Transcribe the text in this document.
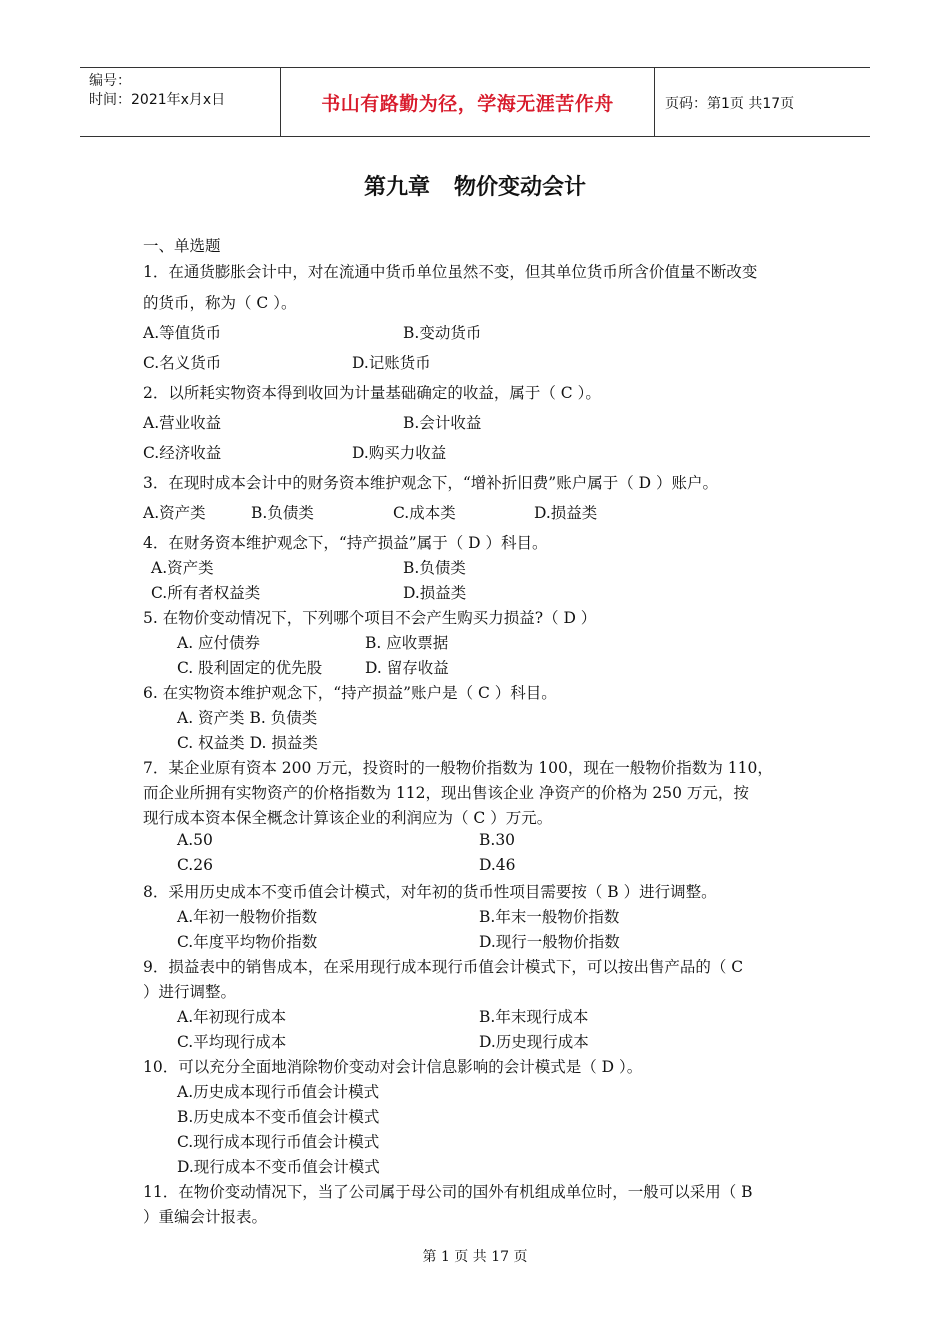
编号：
时间：2021年x月x日	书山有路勤为径，学海无涯苦作舟	页码：第1页 共17页
第九章 物价变动会计
一、单选题
1．在通货膨胀会计中，对在流通中货币单位虽然不变，但其单位货币所含价值量不断改变
的货币，称为（ C ）。
A.等值货币	B.变动货币
C.名义货币	D.记账货币
2．以所耗实物资本得到收回为计量基础确定的收益，属于（ C ）。
A.营业收益	B.会计收益
C.经济收益	D.购买力收益
3．在现时成本会计中的财务资本维护观念下，“增补折旧费”账户属于（ D ）账户。
A.资产类	B.负债类	C.成本类	D.损益类
4．在财务资本维护观念下，“持产损益”属于（ D ）科目。
A.资产类	B.负债类
C.所有者权益类	D.损益类
5. 在物价变动情况下，下列哪个项目不会产生购买力损益?（ D ）
A. 应付债券	B. 应收票据
C. 股利固定的优先股	D. 留存收益
6. 在实物资本维护观念下，“持产损益”账户是（ C ）科目。
A. 资产类 B. 负债类
C. 权益类 D. 损益类
7．某企业原有资本 200 万元，投资时的一般物价指数为 100，现在一般物价指数为 110，
而企业所拥有实物资产的价格指数为 112，现出售该企业 净资产的价格为 250 万元，按
现行成本资本保全概念计算该企业的利润应为（ C ）万元。
A.50	B.30
C.26	D.46
8．采用历史成本不变币值会计模式，对年初的货币性项目需要按（ B ）进行调整。
A.年初一般物价指数	B.年末一般物价指数
C.年度平均物价指数	D.现行一般物价指数
9．损益表中的销售成本，在采用现行成本现行币值会计模式下，可以按出售产品的（ C
）进行调整。
A.年初现行成本	B.年末现行成本
C.平均现行成本	D.历史现行成本
10．可以充分全面地消除物价变动对会计信息影响的会计模式是（ D ）。
A.历史成本现行币值会计模式
B.历史成本不变币值会计模式
C.现行成本现行币值会计模式
D.现行成本不变币值会计模式
11．在物价变动情况下，当了公司属于母公司的国外有机组成单位时，一般可以采用（ B
）重编会计报表。
第 1 页 共 17 页
